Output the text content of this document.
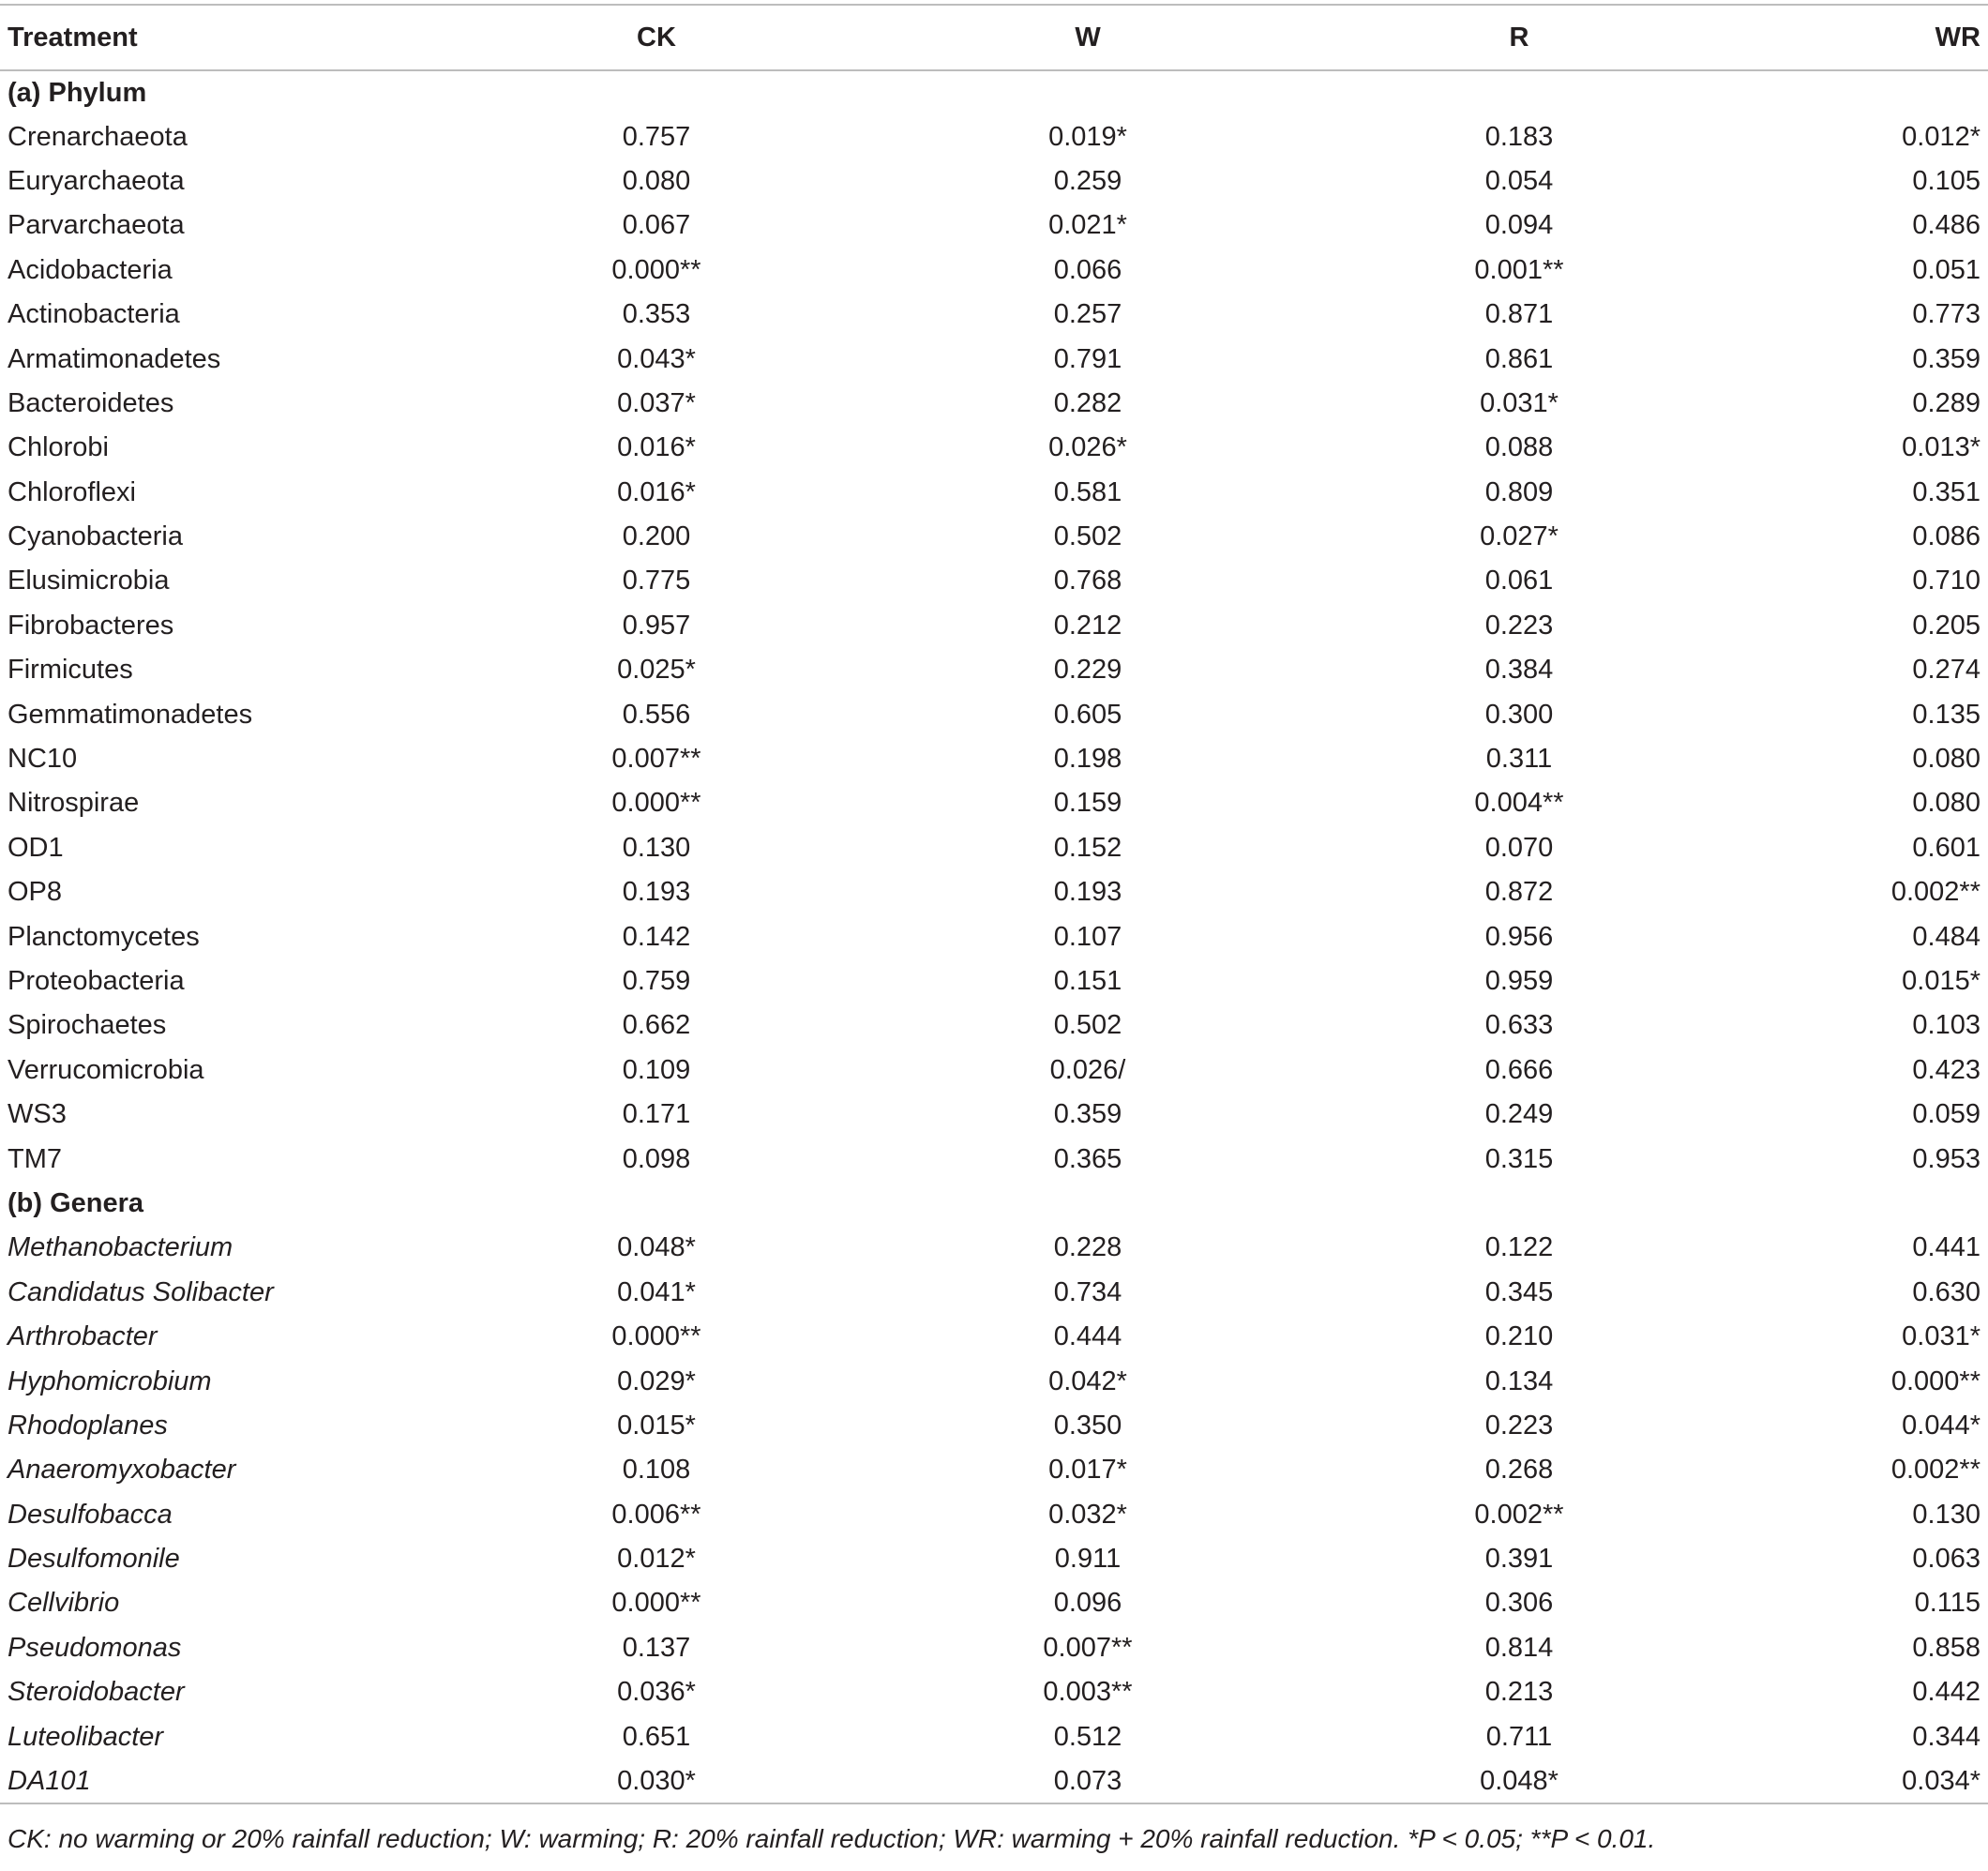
Treatment	CK	W	R	WR
(a) Phylum				
Crenarchaeota	0.757	0.019*	0.183	0.012*
Euryarchaeota	0.080	0.259	0.054	0.105
Parvarchaeota	0.067	0.021*	0.094	0.486
Acidobacteria	0.000**	0.066	0.001**	0.051
Actinobacteria	0.353	0.257	0.871	0.773
Armatimonadetes	0.043*	0.791	0.861	0.359
Bacteroidetes	0.037*	0.282	0.031*	0.289
Chlorobi	0.016*	0.026*	0.088	0.013*
Chloroflexi	0.016*	0.581	0.809	0.351
Cyanobacteria	0.200	0.502	0.027*	0.086
Elusimicrobia	0.775	0.768	0.061	0.710
Fibrobacteres	0.957	0.212	0.223	0.205
Firmicutes	0.025*	0.229	0.384	0.274
Gemmatimonadetes	0.556	0.605	0.300	0.135
NC10	0.007**	0.198	0.311	0.080
Nitrospirae	0.000**	0.159	0.004**	0.080
OD1	0.130	0.152	0.070	0.601
OP8	0.193	0.193	0.872	0.002**
Planctomycetes	0.142	0.107	0.956	0.484
Proteobacteria	0.759	0.151	0.959	0.015*
Spirochaetes	0.662	0.502	0.633	0.103
Verrucomicrobia	0.109	0.026/	0.666	0.423
WS3	0.171	0.359	0.249	0.059
TM7	0.098	0.365	0.315	0.953
(b) Genera				
Methanobacterium	0.048*	0.228	0.122	0.441
Candidatus Solibacter	0.041*	0.734	0.345	0.630
Arthrobacter	0.000**	0.444	0.210	0.031*
Hyphomicrobium	0.029*	0.042*	0.134	0.000**
Rhodoplanes	0.015*	0.350	0.223	0.044*
Anaeromyxobacter	0.108	0.017*	0.268	0.002**
Desulfobacca	0.006**	0.032*	0.002**	0.130
Desulfomonile	0.012*	0.911	0.391	0.063
Cellvibrio	0.000**	0.096	0.306	0.115
Pseudomonas	0.137	0.007**	0.814	0.858
Steroidobacter	0.036*	0.003**	0.213	0.442
Luteolibacter	0.651	0.512	0.711	0.344
DA101	0.030*	0.073	0.048*	0.034*
CK: no warming or 20% rainfall reduction; W: warming; R: 20% rainfall reduction; WR: warming + 20% rainfall reduction. *P < 0.05; **P < 0.01.
